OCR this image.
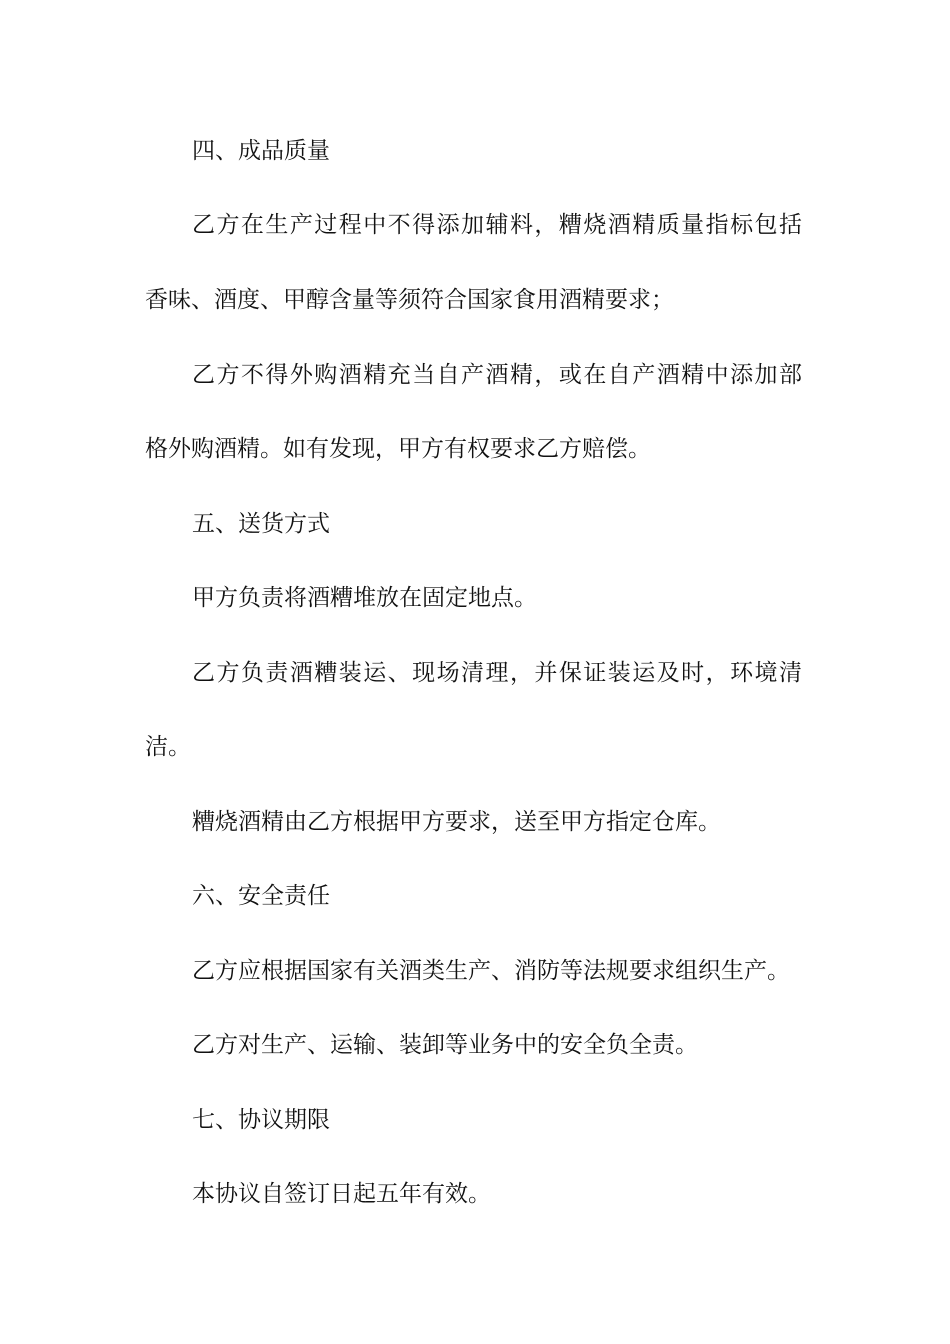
四、成品质量

乙方在生产过程中不得添加辅料，糟烧酒精质量指标包括

香味、酒度、甲醇含量等须符合国家食用酒精要求；

乙方不得外购酒精充当自产酒精，或在自产酒精中添加部

格外购酒精。如有发现，甲方有权要求乙方赔偿。

五、送货方式

甲方负责将酒糟堆放在固定地点。

乙方负责酒糟装运、现场清理，并保证装运及时，环境清

洁。

糟烧酒精由乙方根据甲方要求，送至甲方指定仓库。

六、安全责任

乙方应根据国家有关酒类生产、消防等法规要求组织生产。

乙方对生产、运输、装卸等业务中的安全负全责。

七、协议期限

本协议自签订日起五年有效。
